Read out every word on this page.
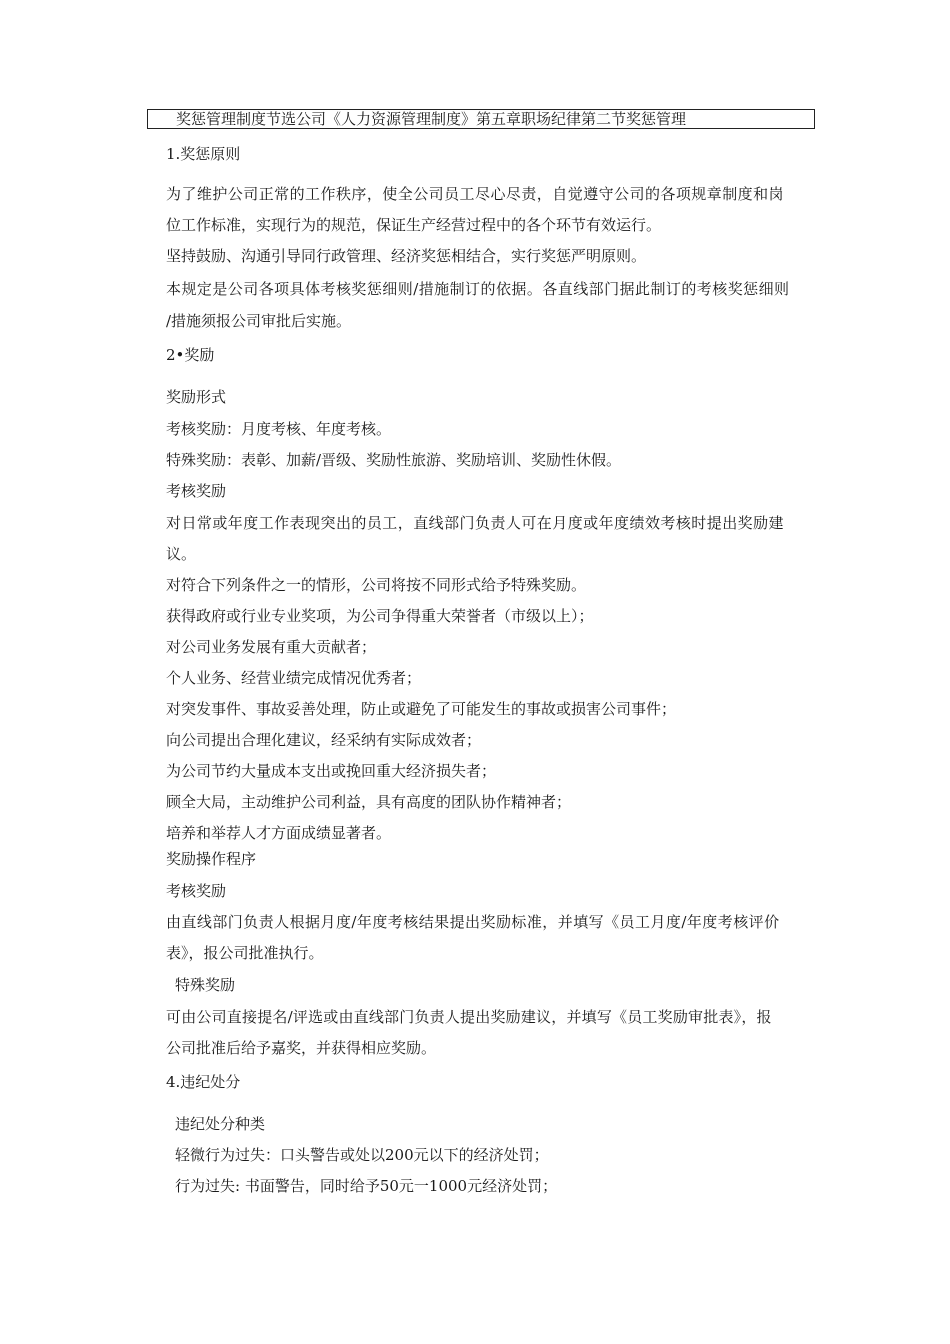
奖惩管理制度节选公司《人力资源管理制度》第五章职场纪律第二节奖惩管理
1.奖惩原则
为了维护公司正常的工作秩序，使全公司员工尽心尽责，自觉遵守公司的各项规章制度和岗
位工作标准，实现行为的规范，保证生产经营过程中的各个环节有效运行。
坚持鼓励、沟通引导同行政管理、经济奖惩相结合，实行奖惩严明原则。
本规定是公司各项具体考核奖惩细则/措施制订的依据。各直线部门据此制订的考核奖惩细则
/措施须报公司审批后实施。
2•奖励
奖励形式
考核奖励：月度考核、年度考核。
特殊奖励：表彰、加薪/晋级、奖励性旅游、奖励培训、奖励性休假。
考核奖励
对日常或年度工作表现突出的员工，直线部门负责人可在月度或年度绩效考核时提出奖励建
议。
对符合下列条件之一的情形，公司将按不同形式给予特殊奖励。
获得政府或行业专业奖项，为公司争得重大荣誉者（市级以上）；
对公司业务发展有重大贡献者；
个人业务、经营业绩完成情况优秀者；
对突发事件、事故妥善处理，防止或避免了可能发生的事故或损害公司事件；
向公司提出合理化建议，经采纳有实际成效者；
为公司节约大量成本支出或挽回重大经济损失者；
顾全大局，主动维护公司利益，具有高度的团队协作精神者；
培养和举荐人才方面成绩显著者。
奖励操作程序
考核奖励
由直线部门负责人根据月度/年度考核结果提出奖励标准，并填写《员工月度/年度考核评价
表》，报公司批准执行。
特殊奖励
可由公司直接提名/评选或由直线部门负责人提出奖励建议，并填写《员工奖励审批表》，报
公司批准后给予嘉奖，并获得相应奖励。
4.违纪处分
违纪处分种类
轻微行为过失：口头警告或处以200元以下的经济处罚；
行为过失: 书面警告，同时给予50元一1000元经济处罚；
